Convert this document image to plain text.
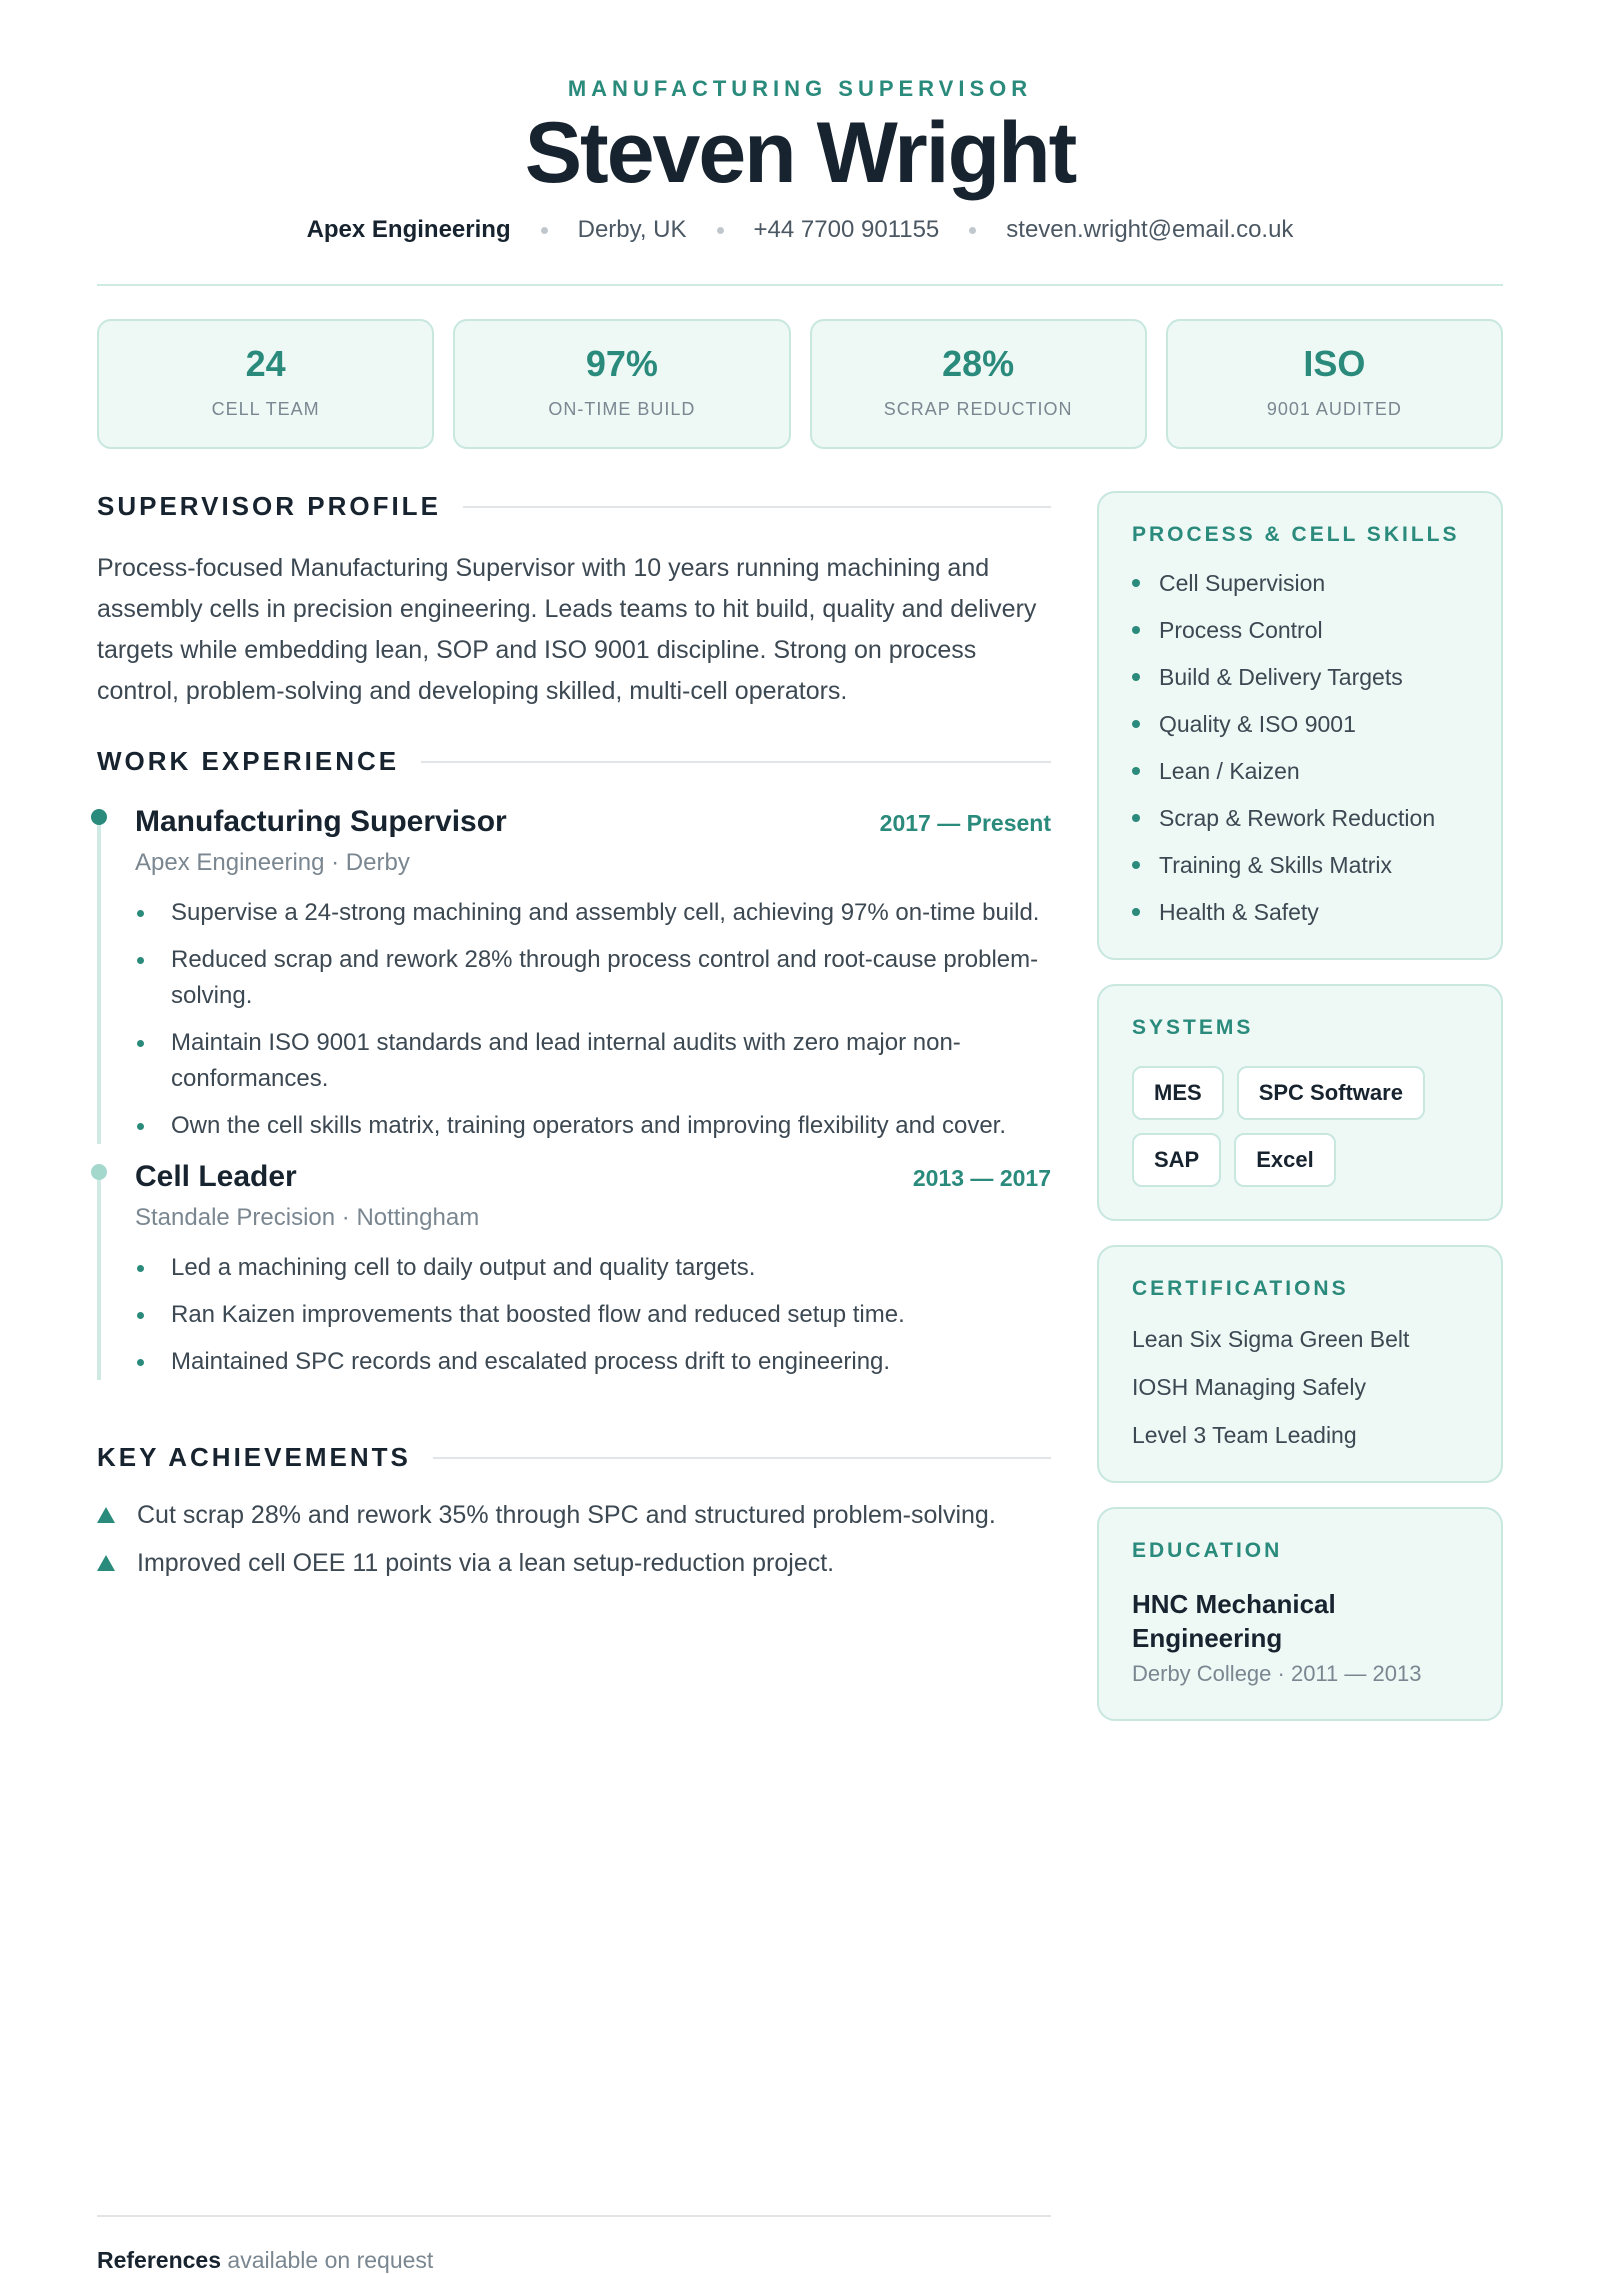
MANUFACTURING SUPERVISOR
Steven Wright
Apex Engineering	Derby, UK	+44 7700 901155	steven.wright@email.co.uk
24
CELL TEAM
97%
ON-TIME BUILD
28%
SCRAP REDUCTION
ISO
9001 AUDITED
SUPERVISOR PROFILE
Process-focused Manufacturing Supervisor with 10 years running machining and assembly cells in precision engineering. Leads teams to hit build, quality and delivery targets while embedding lean, SOP and ISO 9001 discipline. Strong on process control, problem-solving and developing skilled, multi-cell operators.
WORK EXPERIENCE
Manufacturing Supervisor	2017 — Present
Apex Engineering · Derby
Supervise a 24-strong machining and assembly cell, achieving 97% on-time build.
Reduced scrap and rework 28% through process control and root-cause problem-solving.
Maintain ISO 9001 standards and lead internal audits with zero major non-conformances.
Own the cell skills matrix, training operators and improving flexibility and cover.
Cell Leader	2013 — 2017
Standale Precision · Nottingham
Led a machining cell to daily output and quality targets.
Ran Kaizen improvements that boosted flow and reduced setup time.
Maintained SPC records and escalated process drift to engineering.
KEY ACHIEVEMENTS
Cut scrap 28% and rework 35% through SPC and structured problem-solving.
Improved cell OEE 11 points via a lean setup-reduction project.
PROCESS & CELL SKILLS
Cell Supervision
Process Control
Build & Delivery Targets
Quality & ISO 9001
Lean / Kaizen
Scrap & Rework Reduction
Training & Skills Matrix
Health & Safety
SYSTEMS
MES	SPC Software
SAP	Excel
CERTIFICATIONS
Lean Six Sigma Green Belt
IOSH Managing Safely
Level 3 Team Leading
EDUCATION
HNC Mechanical Engineering
Derby College · 2011 — 2013
References available on request
